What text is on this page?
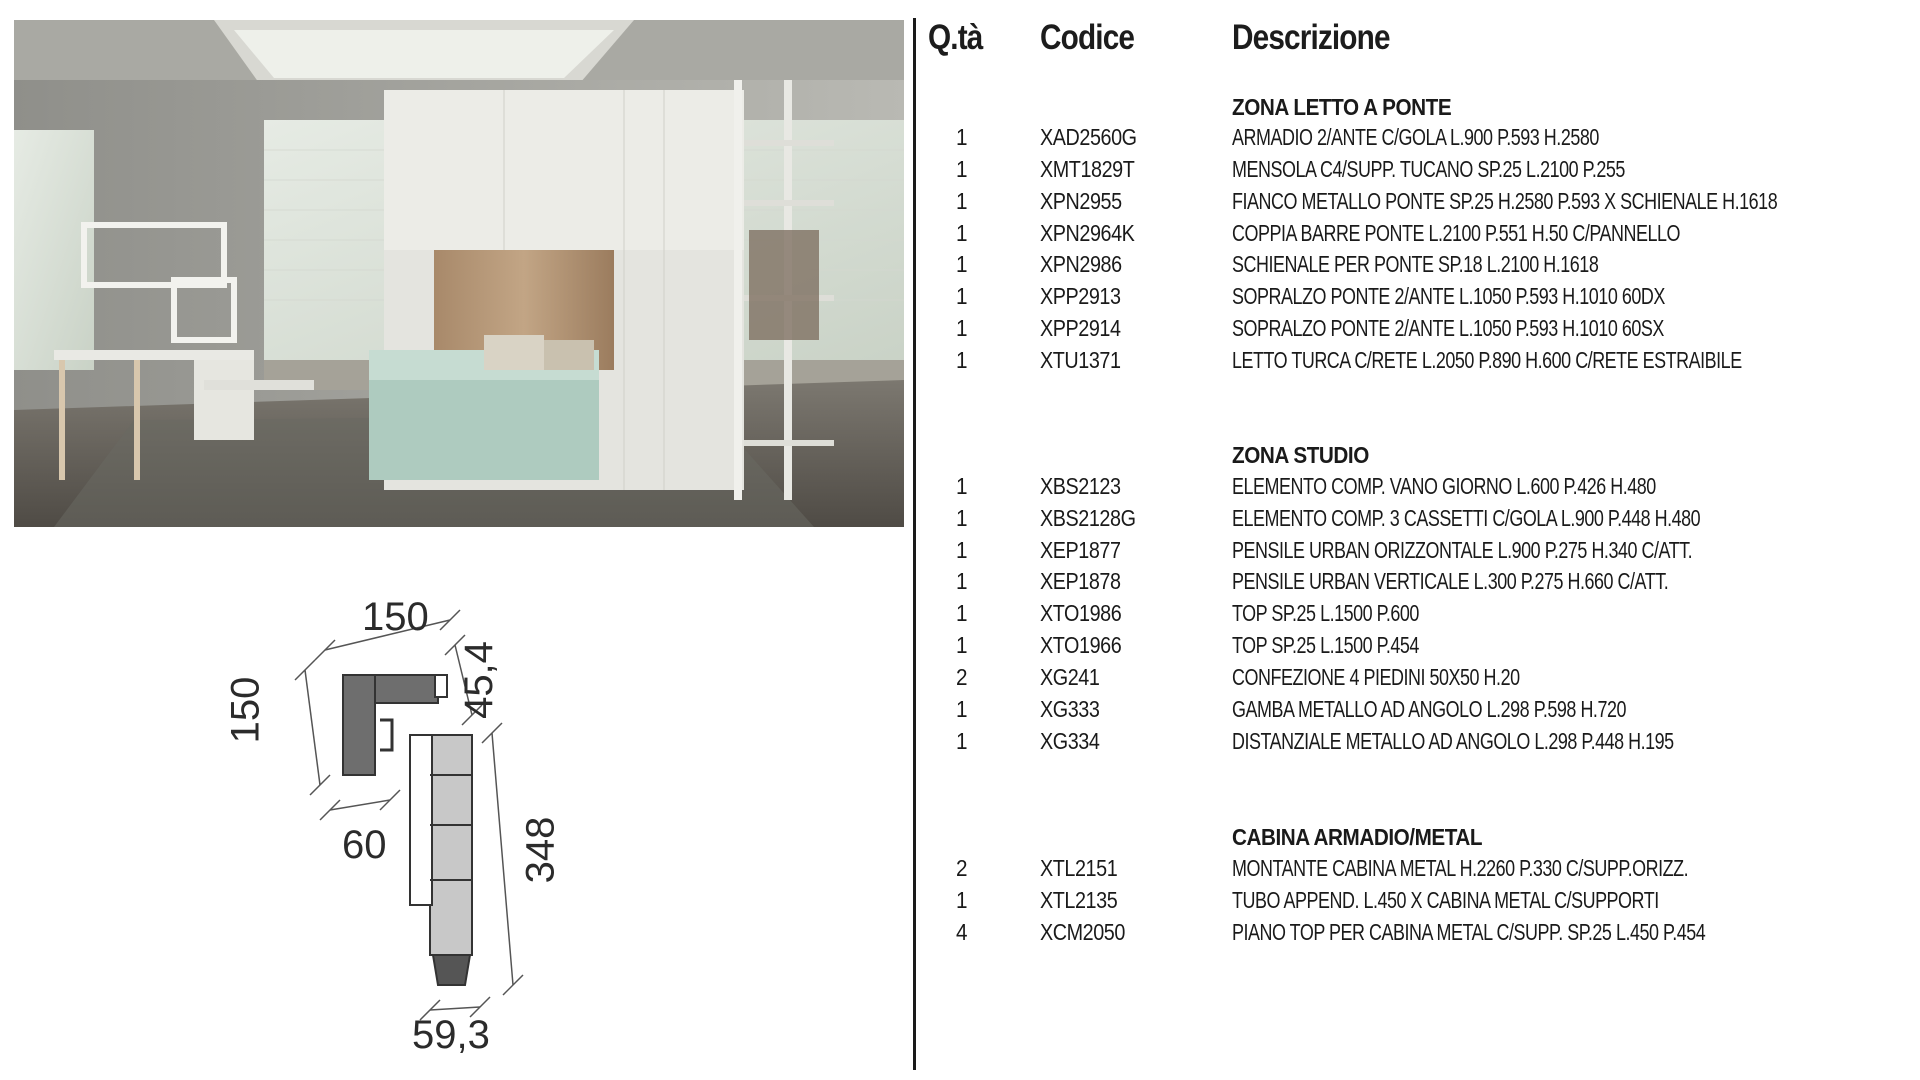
150
150	45,4
60	348
59,3
Q.tà Codice	Descrizione
ZONA LETTO A PONTE
1	XAD2560G	ARMADIO 2/ANTE C/GOLA L.900 P.593 H.2580
1	XMT1829T	MENSOLA C4/SUPP. TUCANO SP.25 L.2100 P.255
1	XPN2955	FIANCO METALLO PONTE SP.25 H.2580 P.593 X SCHIENALE H.1618
1	XPN2964K	COPPIA BARRE PONTE L.2100 P.551 H.50 C/PANNELLO
1	XPN2986	SCHIENALE PER PONTE SP.18 L.2100 H.1618
1	XPP2913	SOPRALZO PONTE 2/ANTE L.1050 P.593 H.1010 60DX
1	XPP2914	SOPRALZO PONTE 2/ANTE L.1050 P.593 H.1010 60SX
1	XTU1371	LETTO TURCA C/RETE L.2050 P.890 H.600 C/RETE ESTRAIBILE
ZONA STUDIO
1	XBS2123	ELEMENTO COMP. VANO GIORNO L.600 P.426 H.480
1	XBS2128G	ELEMENTO COMP. 3 CASSETTI C/GOLA L.900 P.448 H.480
1	XEP1877	PENSILE URBAN ORIZZONTALE L.900 P.275 H.340 C/ATT.
1	XEP1878	PENSILE URBAN VERTICALE L.300 P.275 H.660 C/ATT.
1	XTO1986	TOP SP.25 L.1500 P.600
1	XTO1966	TOP SP.25 L.1500 P.454
2	XG241	CONFEZIONE 4 PIEDINI 50X50 H.20
1	XG333	GAMBA METALLO AD ANGOLO L.298 P.598 H.720
1	XG334	DISTANZIALE METALLO AD ANGOLO L.298 P.448 H.195
CABINA ARMADIO/METAL
2	XTL2151	MONTANTE CABINA METAL H.2260 P.330 C/SUPP.ORIZZ.
1	XTL2135	TUBO APPEND. L.450 X CABINA METAL C/SUPPORTI
4	XCM2050	PIANO TOP PER CABINA METAL C/SUPP. SP.25 L.450 P.454
